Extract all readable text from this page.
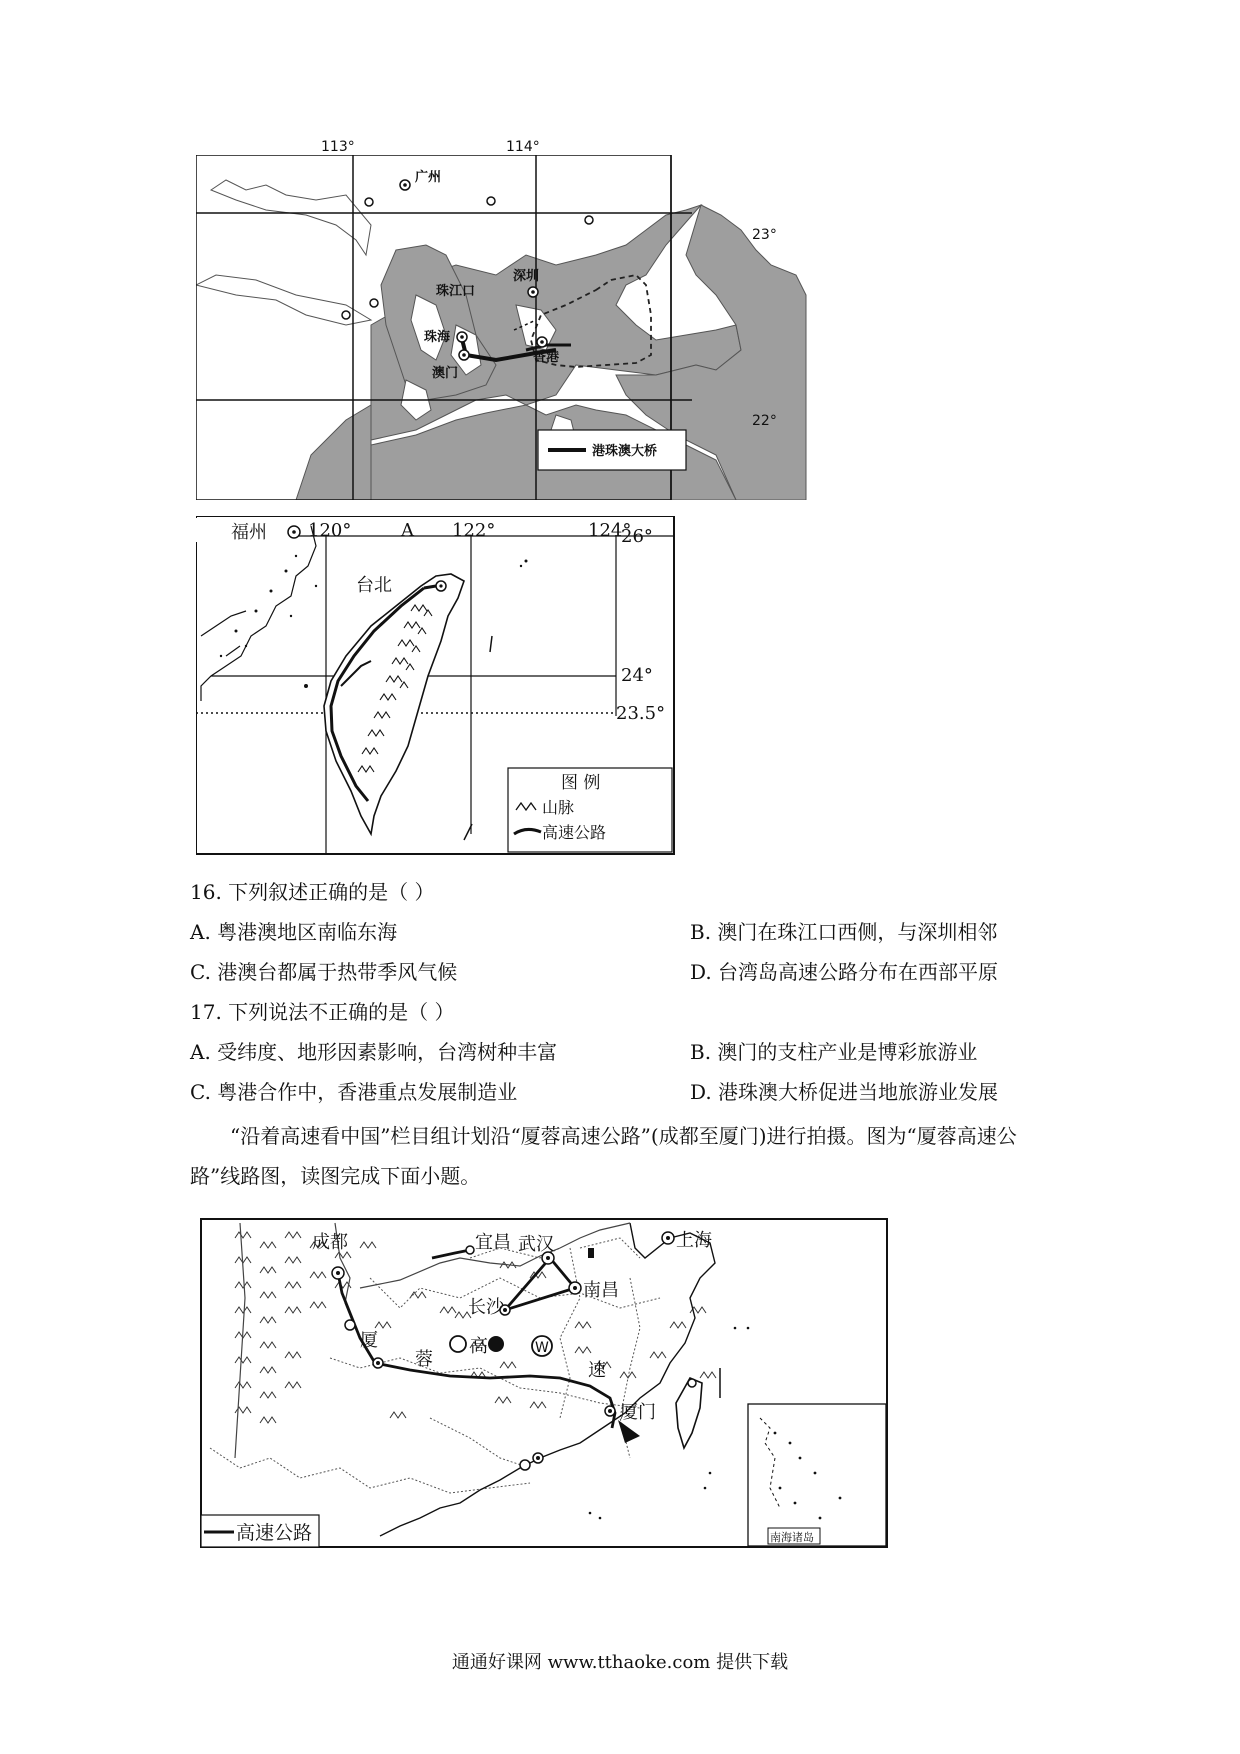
广州
珠江口
深圳
珠海
澳门
香港
港珠澳大桥
113°	114°
23°
22°
台北
福州 120°	A 122°	124°
26°
24°
23.5°
图 例
山脉
高速公路
16. 下列叙述正确的是（ ）
A. 粤港澳地区南临东海	B. 澳门在珠江口西侧，与深圳相邻
C. 港澳台都属于热带季风气候	D. 台湾岛高速公路分布在西部平原
17. 下列说法不正确的是（ ）
A. 受纬度、地形因素影响，台湾树种丰富	B. 澳门的支柱产业是博彩旅游业
C. 粤港合作中，香港重点发展制造业	D. 港珠澳大桥促进当地旅游业发展
“沿着高速看中国”栏目组计划沿“厦蓉高速公路”(成都至厦门)进行拍摄。图为“厦蓉高速公路”线路图，读图完成下面小题。
W
成都	宜昌 武汉	上海
南昌
长沙
厦门
厦
蓉
高
速
南海诸岛
高速公路
通通好课网 www.tthaoke.com 提供下载
